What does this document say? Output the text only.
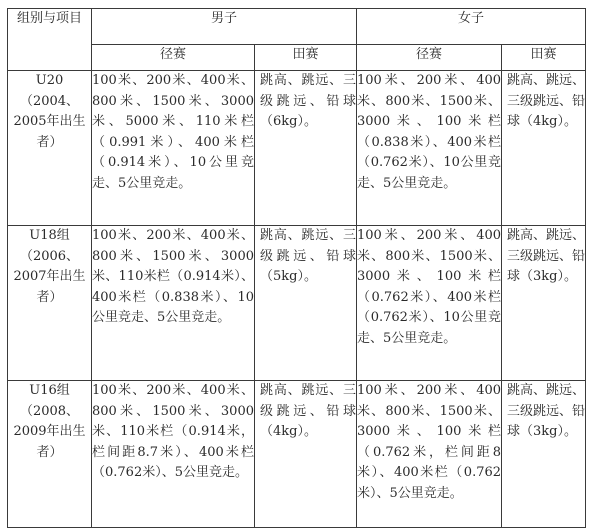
组别与项目	男子		女子	
	径赛	田赛	径赛	田赛
U20（2004、2005年出生者）	100米、200米、400米、800米、1500米、3000米、5000米、110米栏（0.991米）、400米栏（0.914米）、10公里竞走、5公里竞走。	跳高、跳远、三级跳远、铅球（6kg）。	100米、200米、400米、800米、1500米、3000米、100米栏（0.838米）、400米栏（0.762米）、10公里竞走、5公里竞走。	跳高、跳远、三级跳远、铅球（4kg）。
U18组（2006、2007年出生者）	100米、200米、400米、800米、1500米、3000米、110米栏（0.914米）、400米栏（0.838米）、10公里竞走、5公里竞走。	跳高、跳远、三级跳远、铅球（5kg）。	100米、200米、400米、800米、1500米、3000米、100米栏（0.762米）、400米栏（0.762米）、10公里竞走、5公里竞走。	跳高、跳远、三级跳远、铅球（3kg）。
U16组（2008、2009年出生者）	100米、200米、400米、800米、1500米、3000米、110米栏（0.914米，栏间距8.7米）、400米栏（0.762米）、5公里竞走。	跳高、跳远、三级跳远、铅球（4kg）。	100米、200米、400米、800米、1500米、3000米、100米栏（0.762米，栏间距8米）、400米栏（0.762米）、5公里竞走。	跳高、跳远、三级跳远、铅球（3kg）。
